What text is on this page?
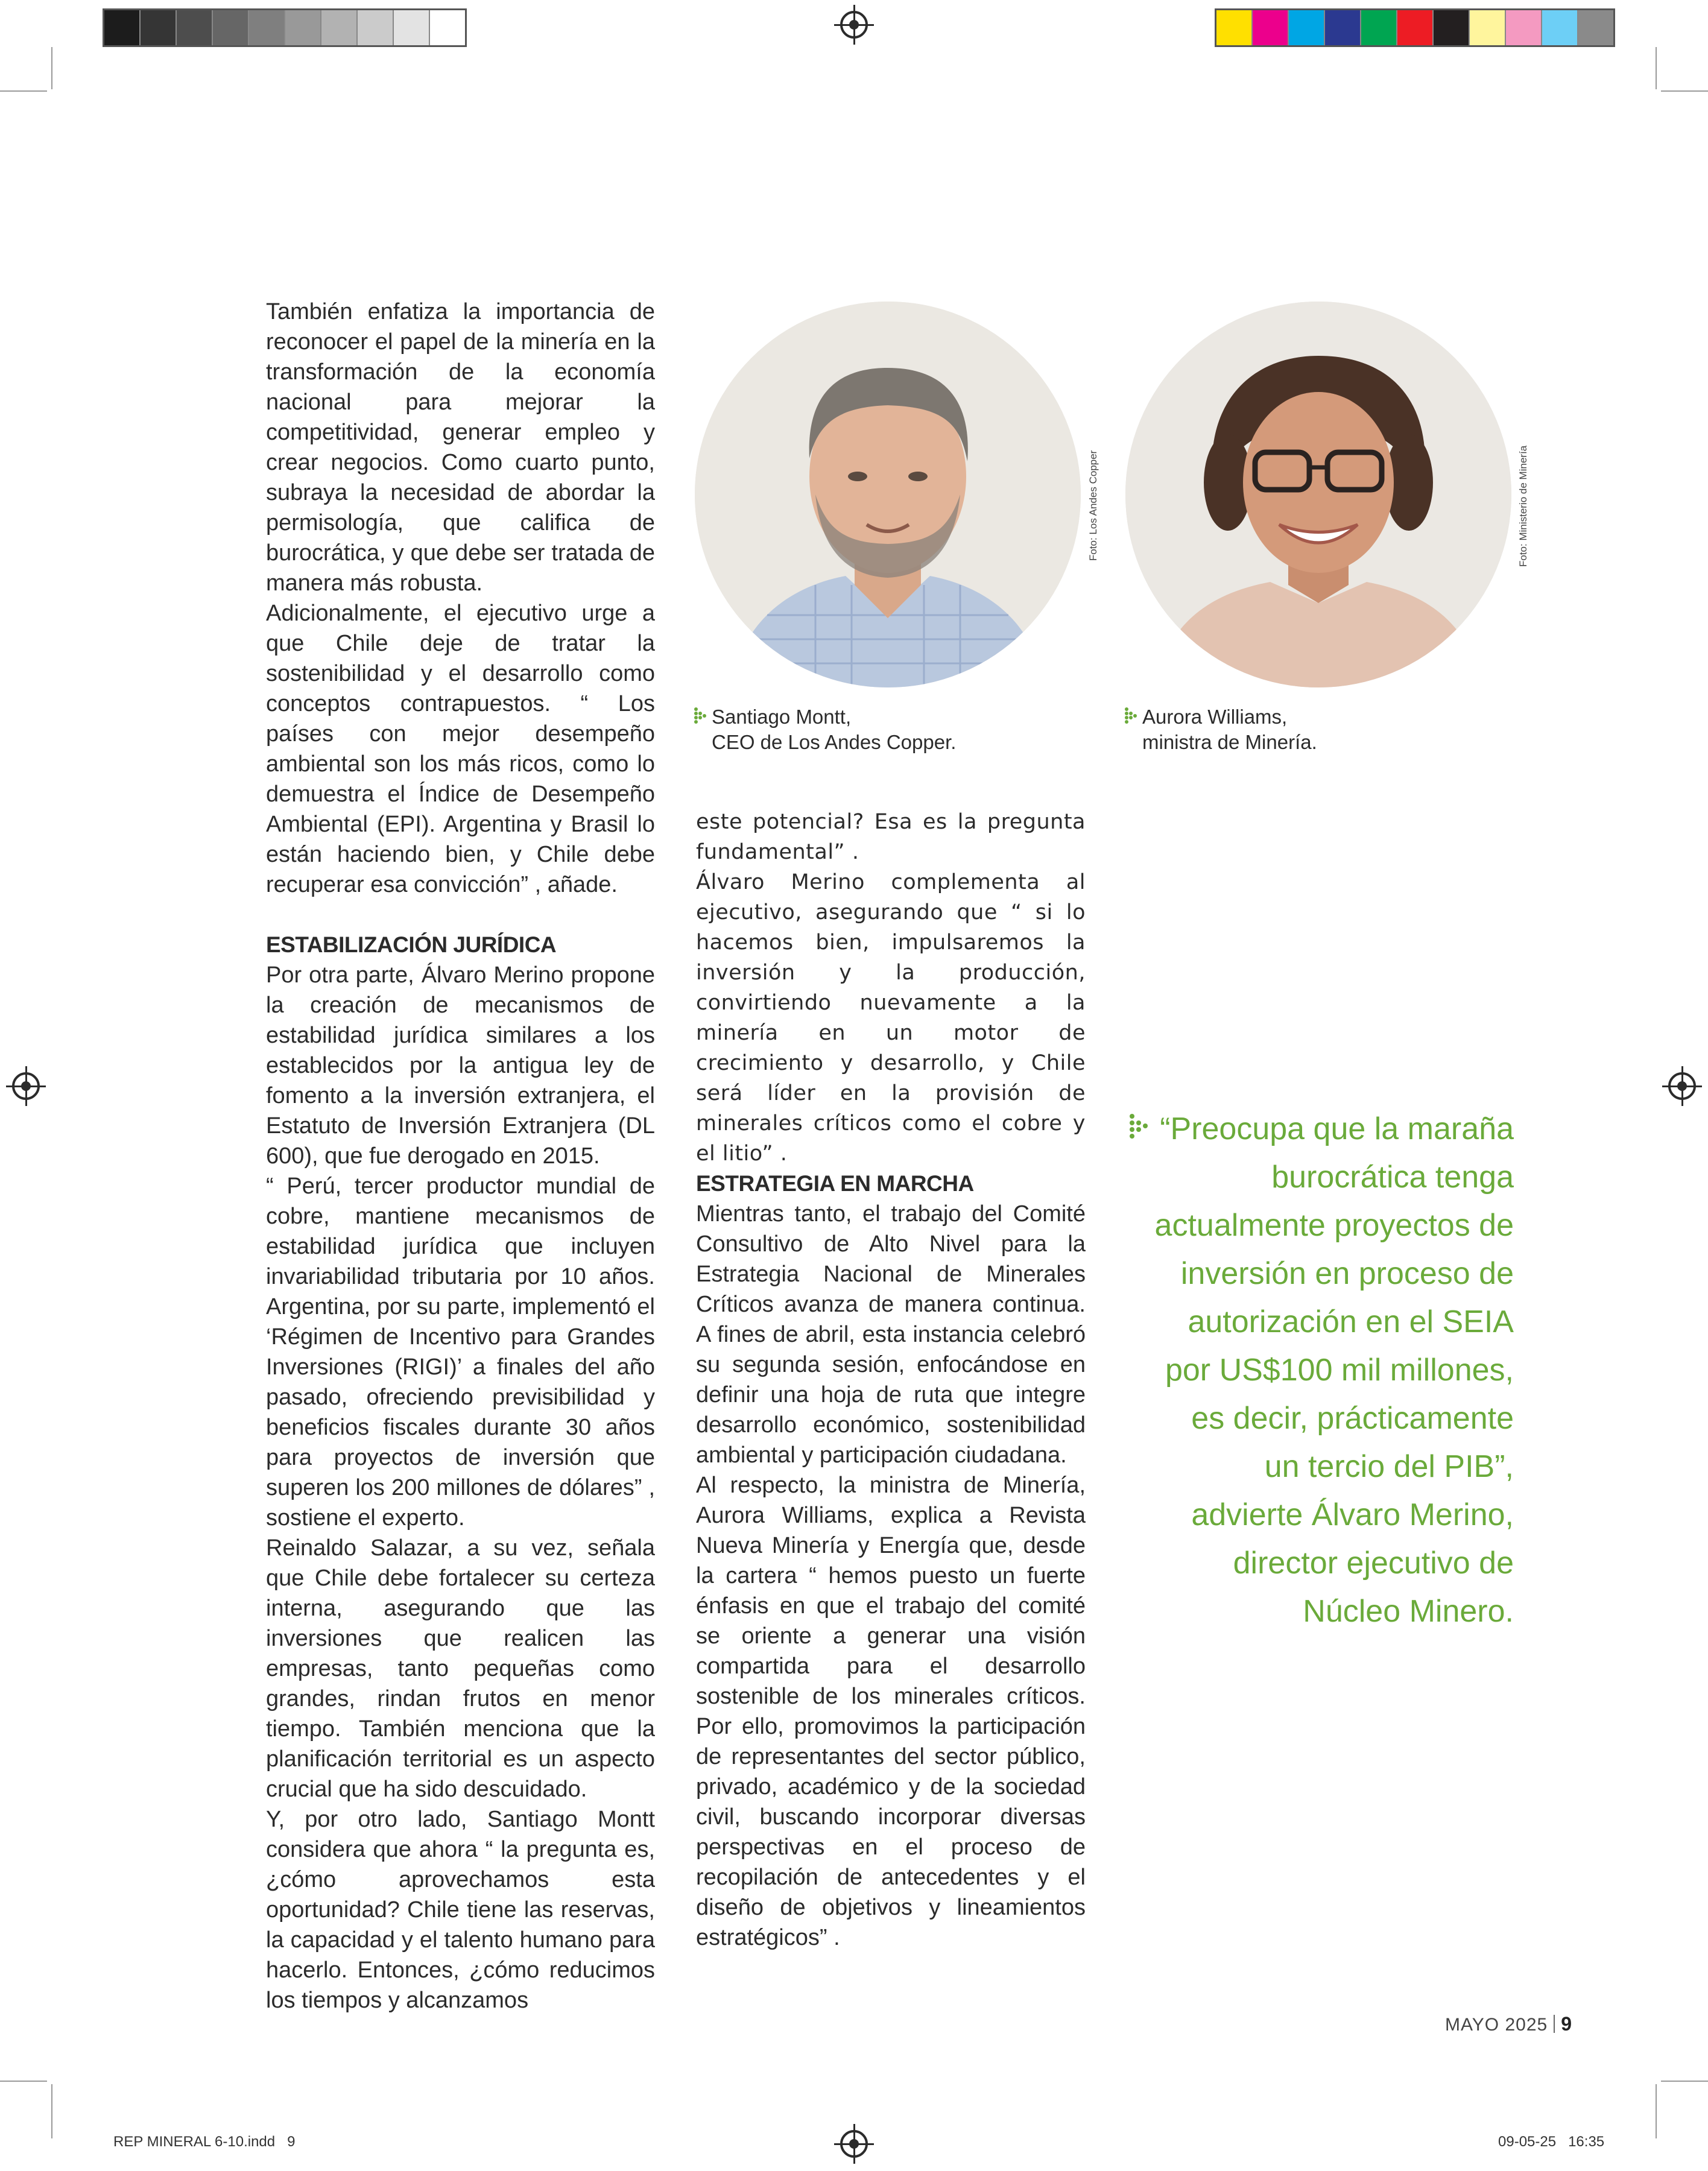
También enfatiza la importancia de reconocer el papel de la minería en la transformación de la economía nacional para mejorar la competitividad, generar empleo y crear negocios. Como cuarto punto, subraya la necesidad de abordar la permisología, que califica de burocrática, y que debe ser tratada de manera más robusta.

Adicionalmente, el ejecutivo urge a que Chile deje de tratar la sostenibilidad y el desarrollo como conceptos contrapuestos. “ Los países con mejor desempeño ambiental son los más ricos, como lo demuestra el Índice de Desempeño Ambiental (EPI). Argentina y Brasil lo están haciendo bien, y Chile debe recuperar esa convicción” , añade.

ESTABILIZACIÓN JURÍDICA

Por otra parte, Álvaro Merino propone la creación de mecanismos de estabilidad jurídica similares a los establecidos por la antigua ley de fomento a la inversión extranjera, el Estatuto de Inversión Extranjera (DL 600), que fue derogado en 2015.

“ Perú, tercer productor mundial de cobre, mantiene mecanismos de estabilidad jurídica que incluyen invariabilidad tributaria por 10 años. Argentina, por su parte, implementó el ‘Régimen de Incentivo para Grandes Inversiones (RIGI)’ a finales del año pasado, ofreciendo previsibilidad y beneficios fiscales durante 30 años para proyectos de inversión que superen los 200 millones de dólares” , sostiene el experto.

Reinaldo Salazar, a su vez, señala que Chile debe fortalecer su certeza interna, asegurando que las inversiones que realicen las empresas, tanto pequeñas como grandes, rindan frutos en menor tiempo. También menciona que la planificación territorial es un aspecto crucial que ha sido descuidado.

Y, por otro lado, Santiago Montt considera que ahora “ la pregunta es, ¿cómo aprovechamos esta oportunidad? Chile tiene las reservas, la capacidad y el talento humano para hacerlo. Entonces, ¿cómo reducimos los tiempos y alcanzamos

Foto: Los Andes Copper	Foto: Ministerio de Minería
Santiago Montt,
CEO de Los Andes Copper.
Aurora Williams,
ministra de Minería.

este potencial? Esa es la pregunta fundamental” .

Álvaro Merino complementa al ejecutivo, asegurando que “ si lo hacemos bien, impulsaremos la inversión y la producción, convirtiendo nuevamente a la minería en un motor de crecimiento y desarrollo, y Chile será líder en la provisión de minerales críticos como el cobre y el litio” .

ESTRATEGIA EN MARCHA

Mientras tanto, el trabajo del Comité Consultivo de Alto Nivel para la Estrategia Nacional de Minerales Críticos avanza de manera continua. A fines de abril, esta instancia celebró su segunda sesión, enfocándose en definir una hoja de ruta que integre desarrollo económico, sostenibilidad ambiental y participación ciudadana.

Al respecto, la ministra de Minería, Aurora Williams, explica a Revista Nueva Minería y Energía que, desde la cartera “ hemos puesto un fuerte énfasis en que el trabajo del comité se oriente a generar una visión compartida para el desarrollo sostenible de los minerales críticos. Por ello, promovimos la participación de representantes del sector público, privado, académico y de la sociedad civil, buscando incorporar diversas perspectivas en el proceso de recopilación de antecedentes y el diseño de objetivos y lineamientos estratégicos” .

“Preocupa que la maraña
burocrática tenga
actualmente proyectos de
inversión en proceso de
autorización en el SEIA
por US$100 mil millones,
es decir, prácticamente
un tercio del PIB”,
advierte Álvaro Merino,
director ejecutivo de
Núcleo Minero.
MAYO 2025 9
REP MINERAL 6-10.indd   9	09-05-25   16:35
